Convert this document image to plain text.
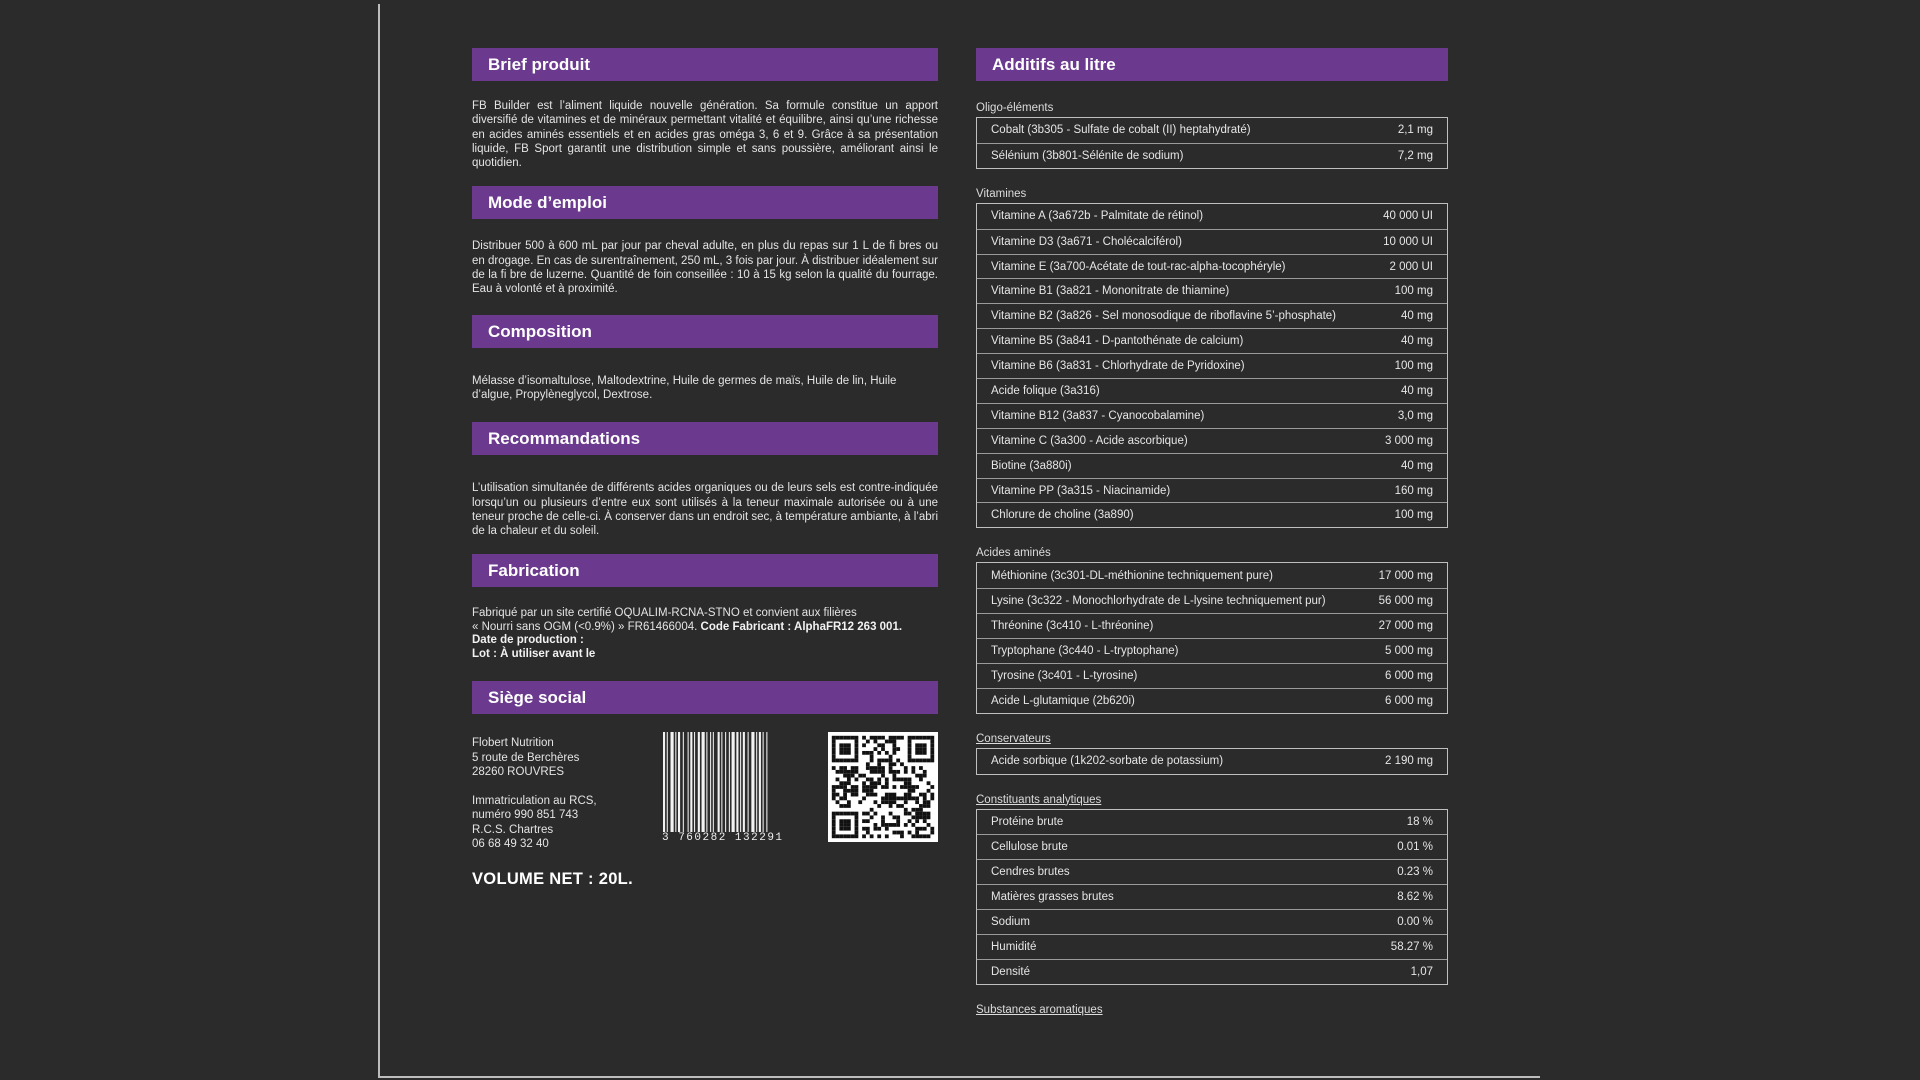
Brief produit
FB Builder est l’aliment liquide nouvelle génération. Sa formule constitue un apport diversifié de vitamines et de minéraux permettant vitalité et équilibre, ainsi qu’une richesse en acides aminés essentiels et en acides gras oméga 3, 6 et 9. Grâce à sa présentation liquide, FB Sport garantit une distribution simple et sans poussière, améliorant ainsi le quotidien.
Mode d’emploi
Distribuer 500 à 600 mL par jour par cheval adulte, en plus du repas sur 1 L de fi bres ou en drogage. En cas de surentraînement, 250 mL, 3 fois par jour. À distribuer idéalement sur de la fi bre de luzerne. Quantité de foin conseillée : 10 à 15 kg selon la qualité du fourrage. Eau à volonté et à proximité.
Composition
Mélasse d’isomaltulose, Maltodextrine, Huile de germes de maïs, Huile de lin, Huile d’algue, Propylèneglycol, Dextrose.
Recommandations
L’utilisation simultanée de différents acides organiques ou de leurs sels est contre-indiquée lorsqu’un ou plusieurs d’entre eux sont utilisés à la teneur maximale autorisée ou à une teneur proche de celle-ci. À conserver dans un endroit sec, à température ambiante, à l’abri de la chaleur et du soleil.
Fabrication
Fabriqué par un site certifié OQUALIM-RCNA-STNO et convient aux filières
« Nourri sans OGM (<0.9%) » FR61466004. Code Fabricant : AlphaFR12 263 001.
Date de production :
Lot : À utiliser avant le
Siège social
Flobert Nutrition
5 route de Berchères
28260 ROUVRES
Immatriculation au RCS,
numéro 990 851 743
R.C.S. Chartres
06 68 49 32 40	3 760282 132291
VOLUME NET : 20L.
Additifs au litre
Oligo-éléments
Cobalt (3b305 - Sulfate de cobalt (II) heptahydraté)	2,1 mg
Sélénium (3b801-Sélénite de sodium)	7,2 mg
Vitamines
Vitamine A (3a672b - Palmitate de rétinol)	40 000 UI
Vitamine D3 (3a671 - Cholécalciférol)	10 000 UI
Vitamine E (3a700-Acétate de tout-rac-alpha-tocophéryle)	2 000 UI
Vitamine B1 (3a821 - Mononitrate de thiamine)	100 mg
Vitamine B2 (3a826 - Sel monosodique de riboflavine 5’-phosphate)	40 mg
Vitamine B5 (3a841 - D-pantothénate de calcium)	40 mg
Vitamine B6 (3a831 - Chlorhydrate de Pyridoxine)	100 mg
Acide folique (3a316)	40 mg
Vitamine B12 (3a837 - Cyanocobalamine)	3,0 mg
Vitamine C (3a300 - Acide ascorbique)	3 000 mg
Biotine (3a880i)	40 mg
Vitamine PP (3a315 - Niacinamide)	160 mg
Chlorure de choline (3a890)	100 mg
Acides aminés
Méthionine (3c301-DL-méthionine techniquement pure)	17 000 mg
Lysine (3c322 - Monochlorhydrate de L-lysine techniquement pur)	56 000 mg
Thréonine (3c410 - L-thréonine)	27 000 mg
Tryptophane (3c440 - L-tryptophane)	5 000 mg
Tyrosine (3c401 - L-tyrosine)	6 000 mg
Acide L-glutamique (2b620i)	6 000 mg
Conservateurs
Acide sorbique (1k202-sorbate de potassium)	2 190 mg
Constituants analytiques
Protéine brute	18 %
Cellulose brute	0.01 %
Cendres brutes	0.23 %
Matières grasses brutes	8.62 %
Sodium	0.00 %
Humidité	58.27 %
Densité	1,07
Substances aromatiques
